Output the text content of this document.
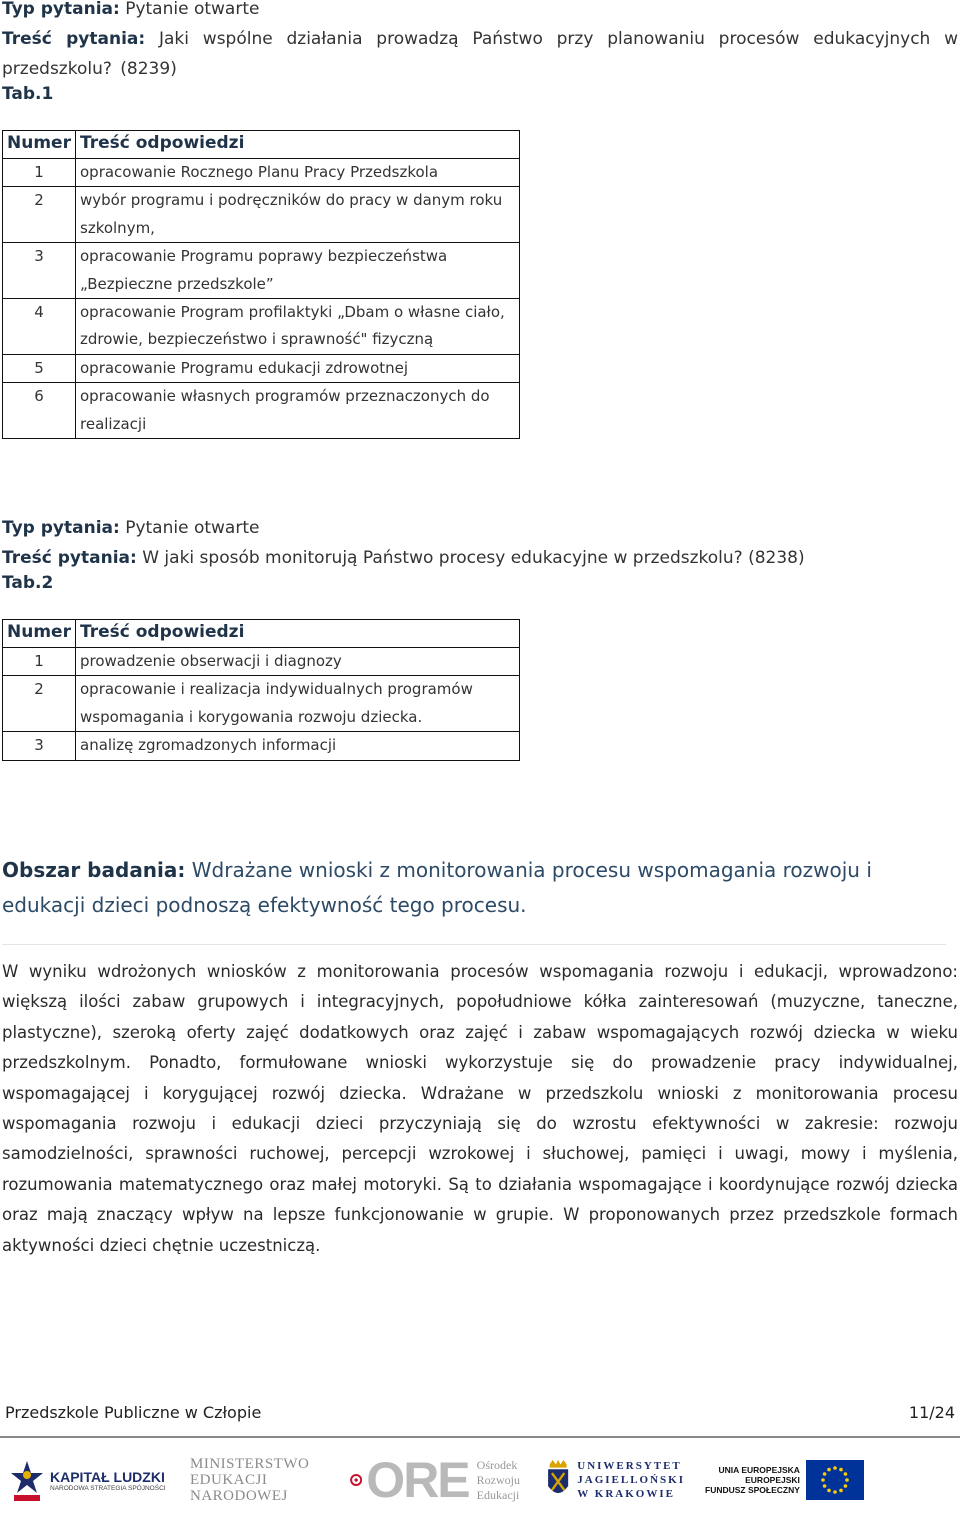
Typ pytania: Pytanie otwarte
Treść pytania: Jaki wspólne działania prowadzą Państwo przy planowaniu procesów edukacyjnych w przedszkolu? (8239)
Tab.1
Numer	Treść odpowiedzi
1	opracowanie Rocznego Planu Pracy Przedszkola

2	wybór programu i podręczników do pracy w danym roku
szkolnym,

3	opracowanie Programu poprawy bezpieczeństwa
„Bezpieczne przedszkole”

4	opracowanie Program profilaktyki „Dbam o własne ciało,
zdrowie, bezpieczeństwo i sprawność" fizyczną

5	opracowanie Programu edukacji zdrowotnej

6	opracowanie własnych programów przeznaczonych do
realizacji
Typ pytania: Pytanie otwarte
Treść pytania: W jaki sposób monitorują Państwo procesy edukacyjne w przedszkolu? (8238)
Tab.2
Numer	Treść odpowiedzi
1	prowadzenie obserwacji i diagnozy

2	opracowanie i realizacja indywidualnych programów
wspomagania i korygowania rozwoju dziecka.

3	analizę zgromadzonych informacji
Obszar badania: Wdrażane wnioski z monitorowania procesu wspomagania rozwoju i edukacji dzieci podnoszą efektywność tego procesu.
W wyniku wdrożonych wniosków z monitorowania procesów wspomagania rozwoju i edukacji, wprowadzono: większą ilości zabaw grupowych i integracyjnych, popołudniowe kółka zainteresowań (muzyczne, taneczne, plastyczne), szeroką oferty zajęć dodatkowych oraz zajęć i zabaw wspomagających rozwój dziecka w wieku przedszkolnym. Ponadto, formułowane wnioski wykorzystuje się do prowadzenie pracy indywidualnej, wspomagającej i korygującej rozwój dziecka. Wdrażane w przedszkolu wnioski z monitorowania procesu wspomagania rozwoju i edukacji dzieci przyczyniają się do wzrostu efektywności w zakresie: rozwoju samodzielności, sprawności ruchowej, percepcji wzrokowej i słuchowej, pamięci i uwagi, mowy i myślenia, rozumowania matematycznego oraz małej motoryki. Są to działania wspomagające i koordynujące rozwój dziecka oraz mają znaczący wpływ na lepsze funkcjonowanie w grupie. W proponowanych przez przedszkole formach aktywności dzieci chętnie uczestniczą.
Przedszkole Publiczne w Człopie	11/24
KAPITAŁ LUDZKI
NARODOWA STRATEGIA SPÓJNOŚCI
MINISTERSTWO
EDUKACJI
NARODOWEJ ORE Ośrodek
Rozwoju
Edukacji
UNIWERSYTET
JAGIELLOŃSKI
W KRAKOWIE
UNIA EUROPEJSKA
EUROPEJSKI
FUNDUSZ SPOŁECZNY
